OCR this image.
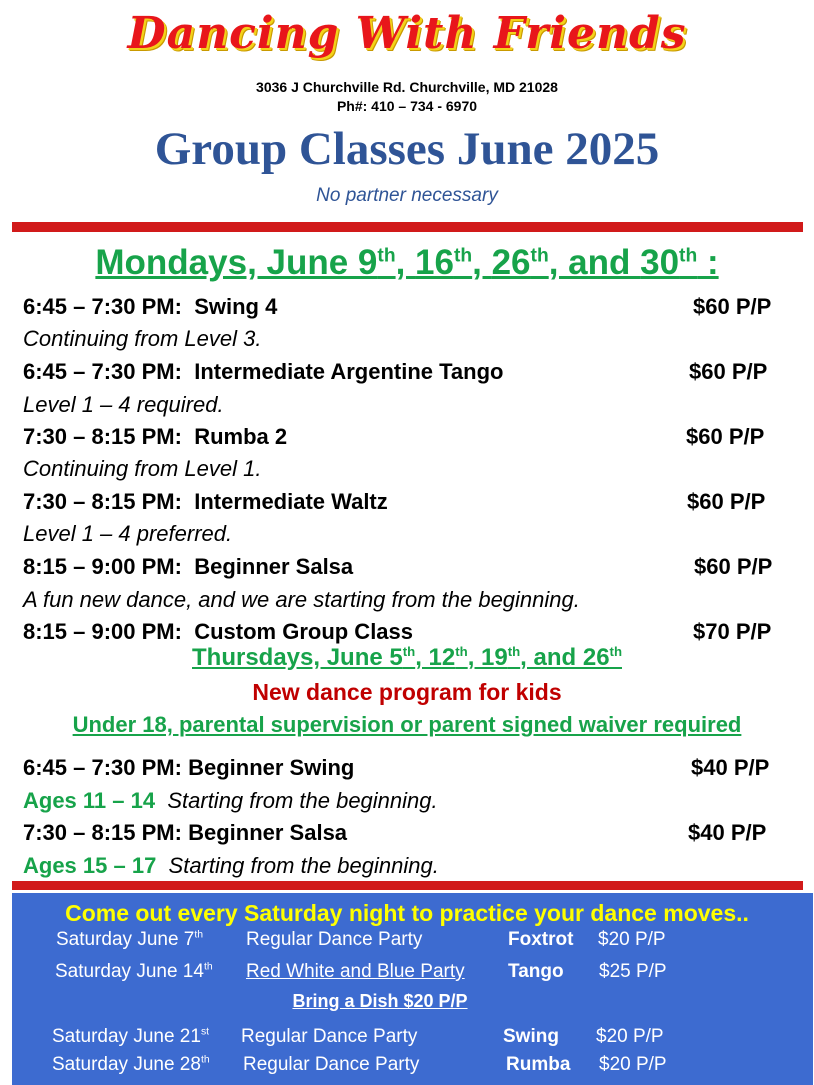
Dancing With Friends
3036 J Churchville Rd. Churchville, MD 21028
Ph#: 410 – 734 - 6970
Group Classes June 2025
No partner necessary
Mondays, June 9th, 16th, 26th, and 30th :
6:45 – 7:30 PM: Swing 4	$60 P/P
Continuing from Level 3.
6:45 – 7:30 PM: Intermediate Argentine Tango	$60 P/P
Level 1 – 4 required.
7:30 – 8:15 PM: Rumba 2	$60 P/P
Continuing from Level 1.
7:30 – 8:15 PM: Intermediate Waltz	$60 P/P
Level 1 – 4 preferred.
8:15 – 9:00 PM: Beginner Salsa	$60 P/P
A fun new dance, and we are starting from the beginning.
8:15 – 9:00 PM: Custom Group Class	$70 P/P
Thursdays, June 5th, 12th, 19th, and 26th
New dance program for kids
Under 18, parental supervision or parent signed waiver required
6:45 – 7:30 PM: Beginner Swing	$40 P/P
Ages 11 – 14 Starting from the beginning.
7:30 – 8:15 PM: Beginner Salsa	$40 P/P
Ages 15 – 17 Starting from the beginning.
Come out every Saturday night to practice your dance moves..
Saturday June 7th Regular Dance Party	Foxtrot $20 P/P
Saturday June 14th Red White and Blue Party Tango $25 P/P
Bring a Dish $20 P/P
Saturday June 21st Regular Dance Party	Swing $20 P/P
Saturday June 28th Regular Dance Party	Rumba $20 P/P
